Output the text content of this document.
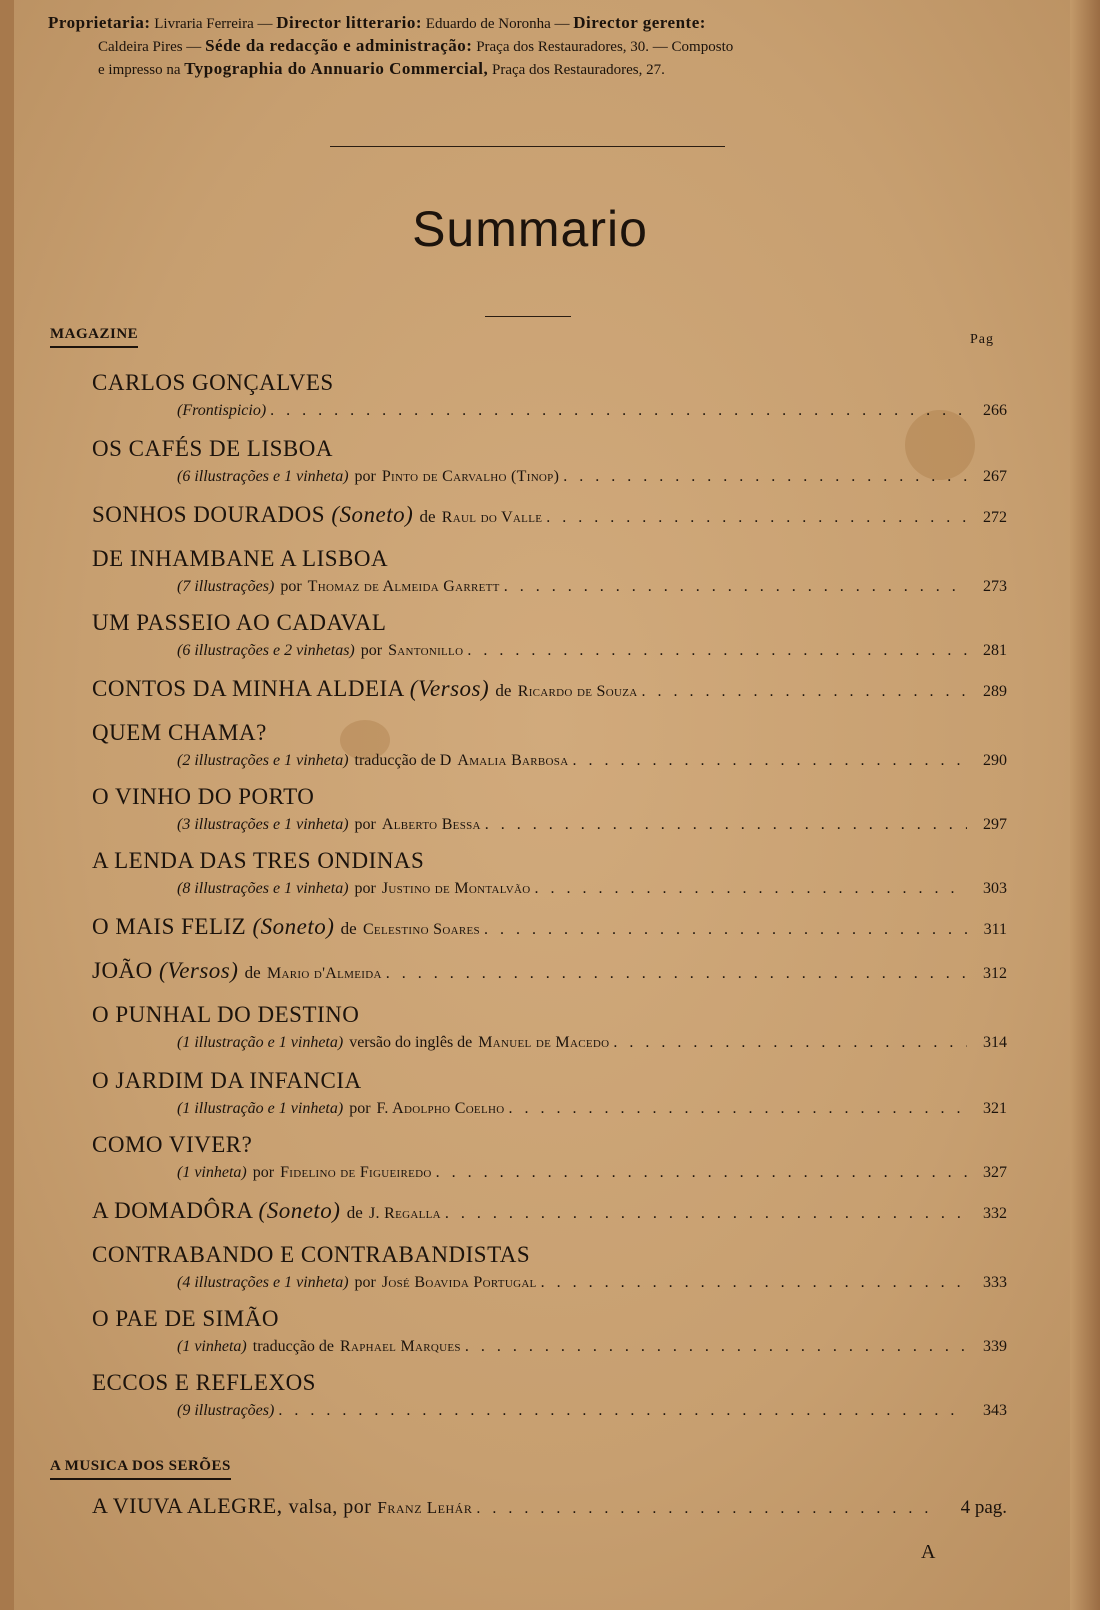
Proprietaria: Livraria Ferreira — Director litterario: Eduardo de Noronha — Director gerente:
Caldeira Pires — Séde da redacção e administração: Praça dos Restauradores, 30. — Composto
e impresso na Typographia do Annuario Commercial, Praça dos Restauradores, 27.
Summario
MAGAZINE	Pag
CARLOS GONÇALVES
(Frontispicio) . . .	266
OS CAFÉS DE LISBOA
(6 illustrações e 1 vinheta) por Pinto de Carvalho (Tinop) . . .	267
SONHOS DOURADOS (Soneto) de Raul do Valle . . .	272
DE INHAMBANE A LISBOA
(7 illustrações) por Thomaz de Almeida Garrett . . .	273
UM PASSEIO AO CADAVAL
(6 illustrações e 2 vinhetas) por Santonillo . . .	281
CONTOS DA MINHA ALDEIA (Versos) de Ricardo de Souza . . .	289
QUEM CHAMA?
(2 illustrações e 1 vinheta) traducção de D Amalia Barbosa . . .	290
O VINHO DO PORTO
(3 illustrações e 1 vinheta) por Alberto Bessa . . .	297
A LENDA DAS TRES ONDINAS
(8 illustrações e 1 vinheta) por Justino de Montalvão . . .	303
O MAIS FELIZ (Soneto) de Celestino Soares . . .	311
JOÃO (Versos) de Mario d'Almeida . . .	312
O PUNHAL DO DESTINO
(1 illustração e 1 vinheta) versão do inglês de Manuel de Macedo . . .	314
O JARDIM DA INFANCIA
(1 illustração e 1 vinheta) por F. Adolpho Coelho . . .	321
COMO VIVER?
(1 vinheta) por Fidelino de Figueiredo . . .	327
A DOMADÔRA (Soneto) de J. Regalla . . .	332
CONTRABANDO E CONTRABANDISTAS
(4 illustrações e 1 vinheta) por José Boavida Portugal . . .	333
O PAE DE SIMÃO
(1 vinheta) traducção de Raphael Marques . . .	339
ECCOS E REFLEXOS
(9 illustrações) . . .	343
A MUSICA DOS SERÕES
A VIUVA ALEGRE, valsa, por Franz Lehár . . .	4 pag.
A
